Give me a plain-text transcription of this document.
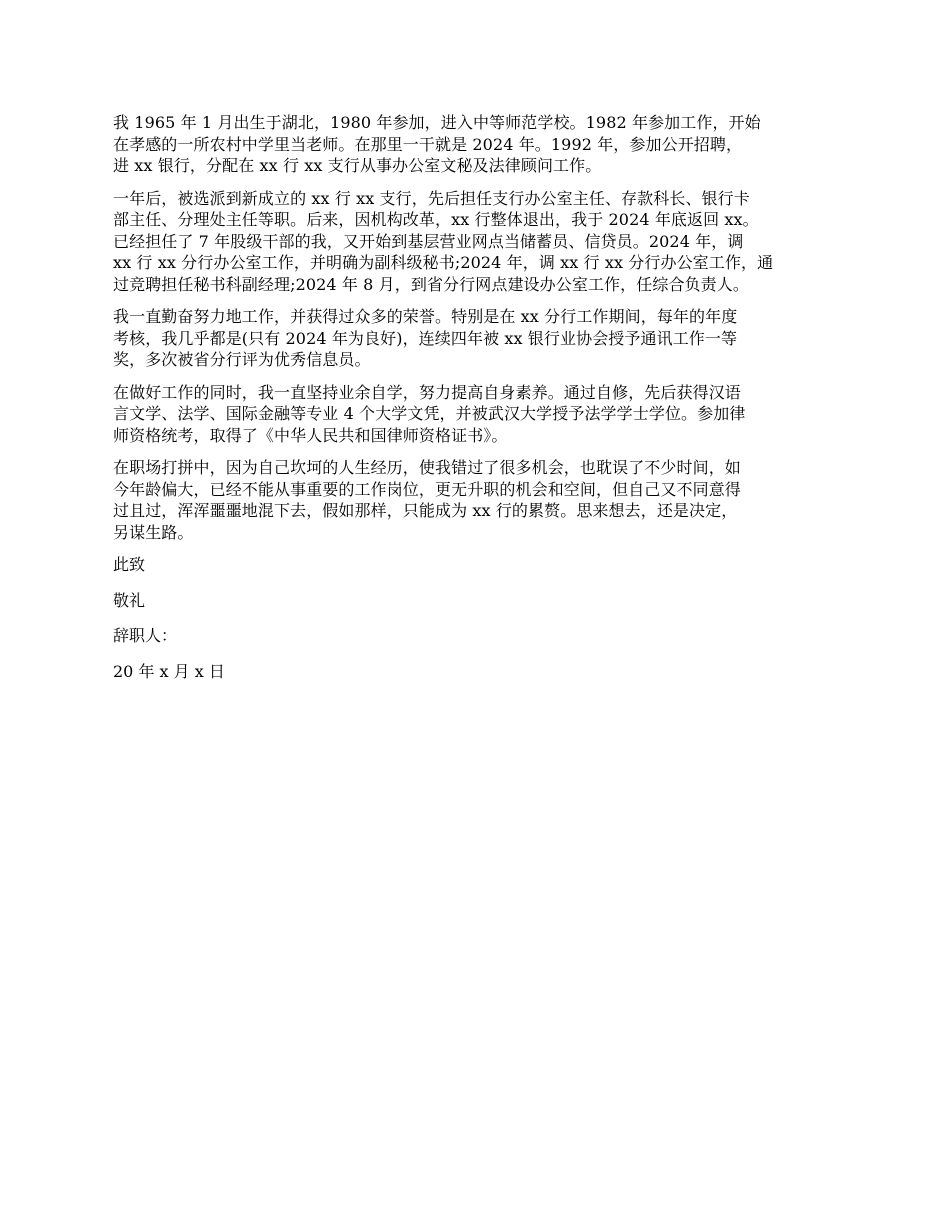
我 1965 年 1 月出生于湖北，1980 年参加，进入中等师范学校。1982 年参加工作，开始
在孝感的一所农村中学里当老师。在那里一干就是 2024 年。1992 年，参加公开招聘，
进 xx 银行，分配在 xx 行 xx 支行从事办公室文秘及法律顾问工作。

一年后，被选派到新成立的 xx 行 xx 支行，先后担任支行办公室主任、存款科长、银行卡
部主任、分理处主任等职。后来，因机构改革，xx 行整体退出，我于 2024 年底返回 xx。
已经担任了 7 年股级干部的我，又开始到基层营业网点当储蓄员、信贷员。2024 年，调
xx 行 xx 分行办公室工作，并明确为副科级秘书;2024 年，调 xx 行 xx 分行办公室工作，通
过竞聘担任秘书科副经理;2024 年 8 月，到省分行网点建设办公室工作，任综合负责人。

我一直勤奋努力地工作，并获得过众多的荣誉。特别是在 xx 分行工作期间，每年的年度
考核，我几乎都是(只有 2024 年为良好)，连续四年被 xx 银行业协会授予通讯工作一等
奖，多次被省分行评为优秀信息员。

在做好工作的同时，我一直坚持业余自学，努力提高自身素养。通过自修，先后获得汉语
言文学、法学、国际金融等专业 4 个大学文凭，并被武汉大学授予法学学士学位。参加律
师资格统考，取得了《中华人民共和国律师资格证书》。

在职场打拼中，因为自己坎坷的人生经历，使我错过了很多机会，也耽误了不少时间，如
今年龄偏大，已经不能从事重要的工作岗位，更无升职的机会和空间，但自己又不同意得
过且过，浑浑噩噩地混下去，假如那样，只能成为 xx 行的累赘。思来想去，还是决定，
另谋生路。

此致

敬礼

辞职人：

20 年 x 月 x 日
